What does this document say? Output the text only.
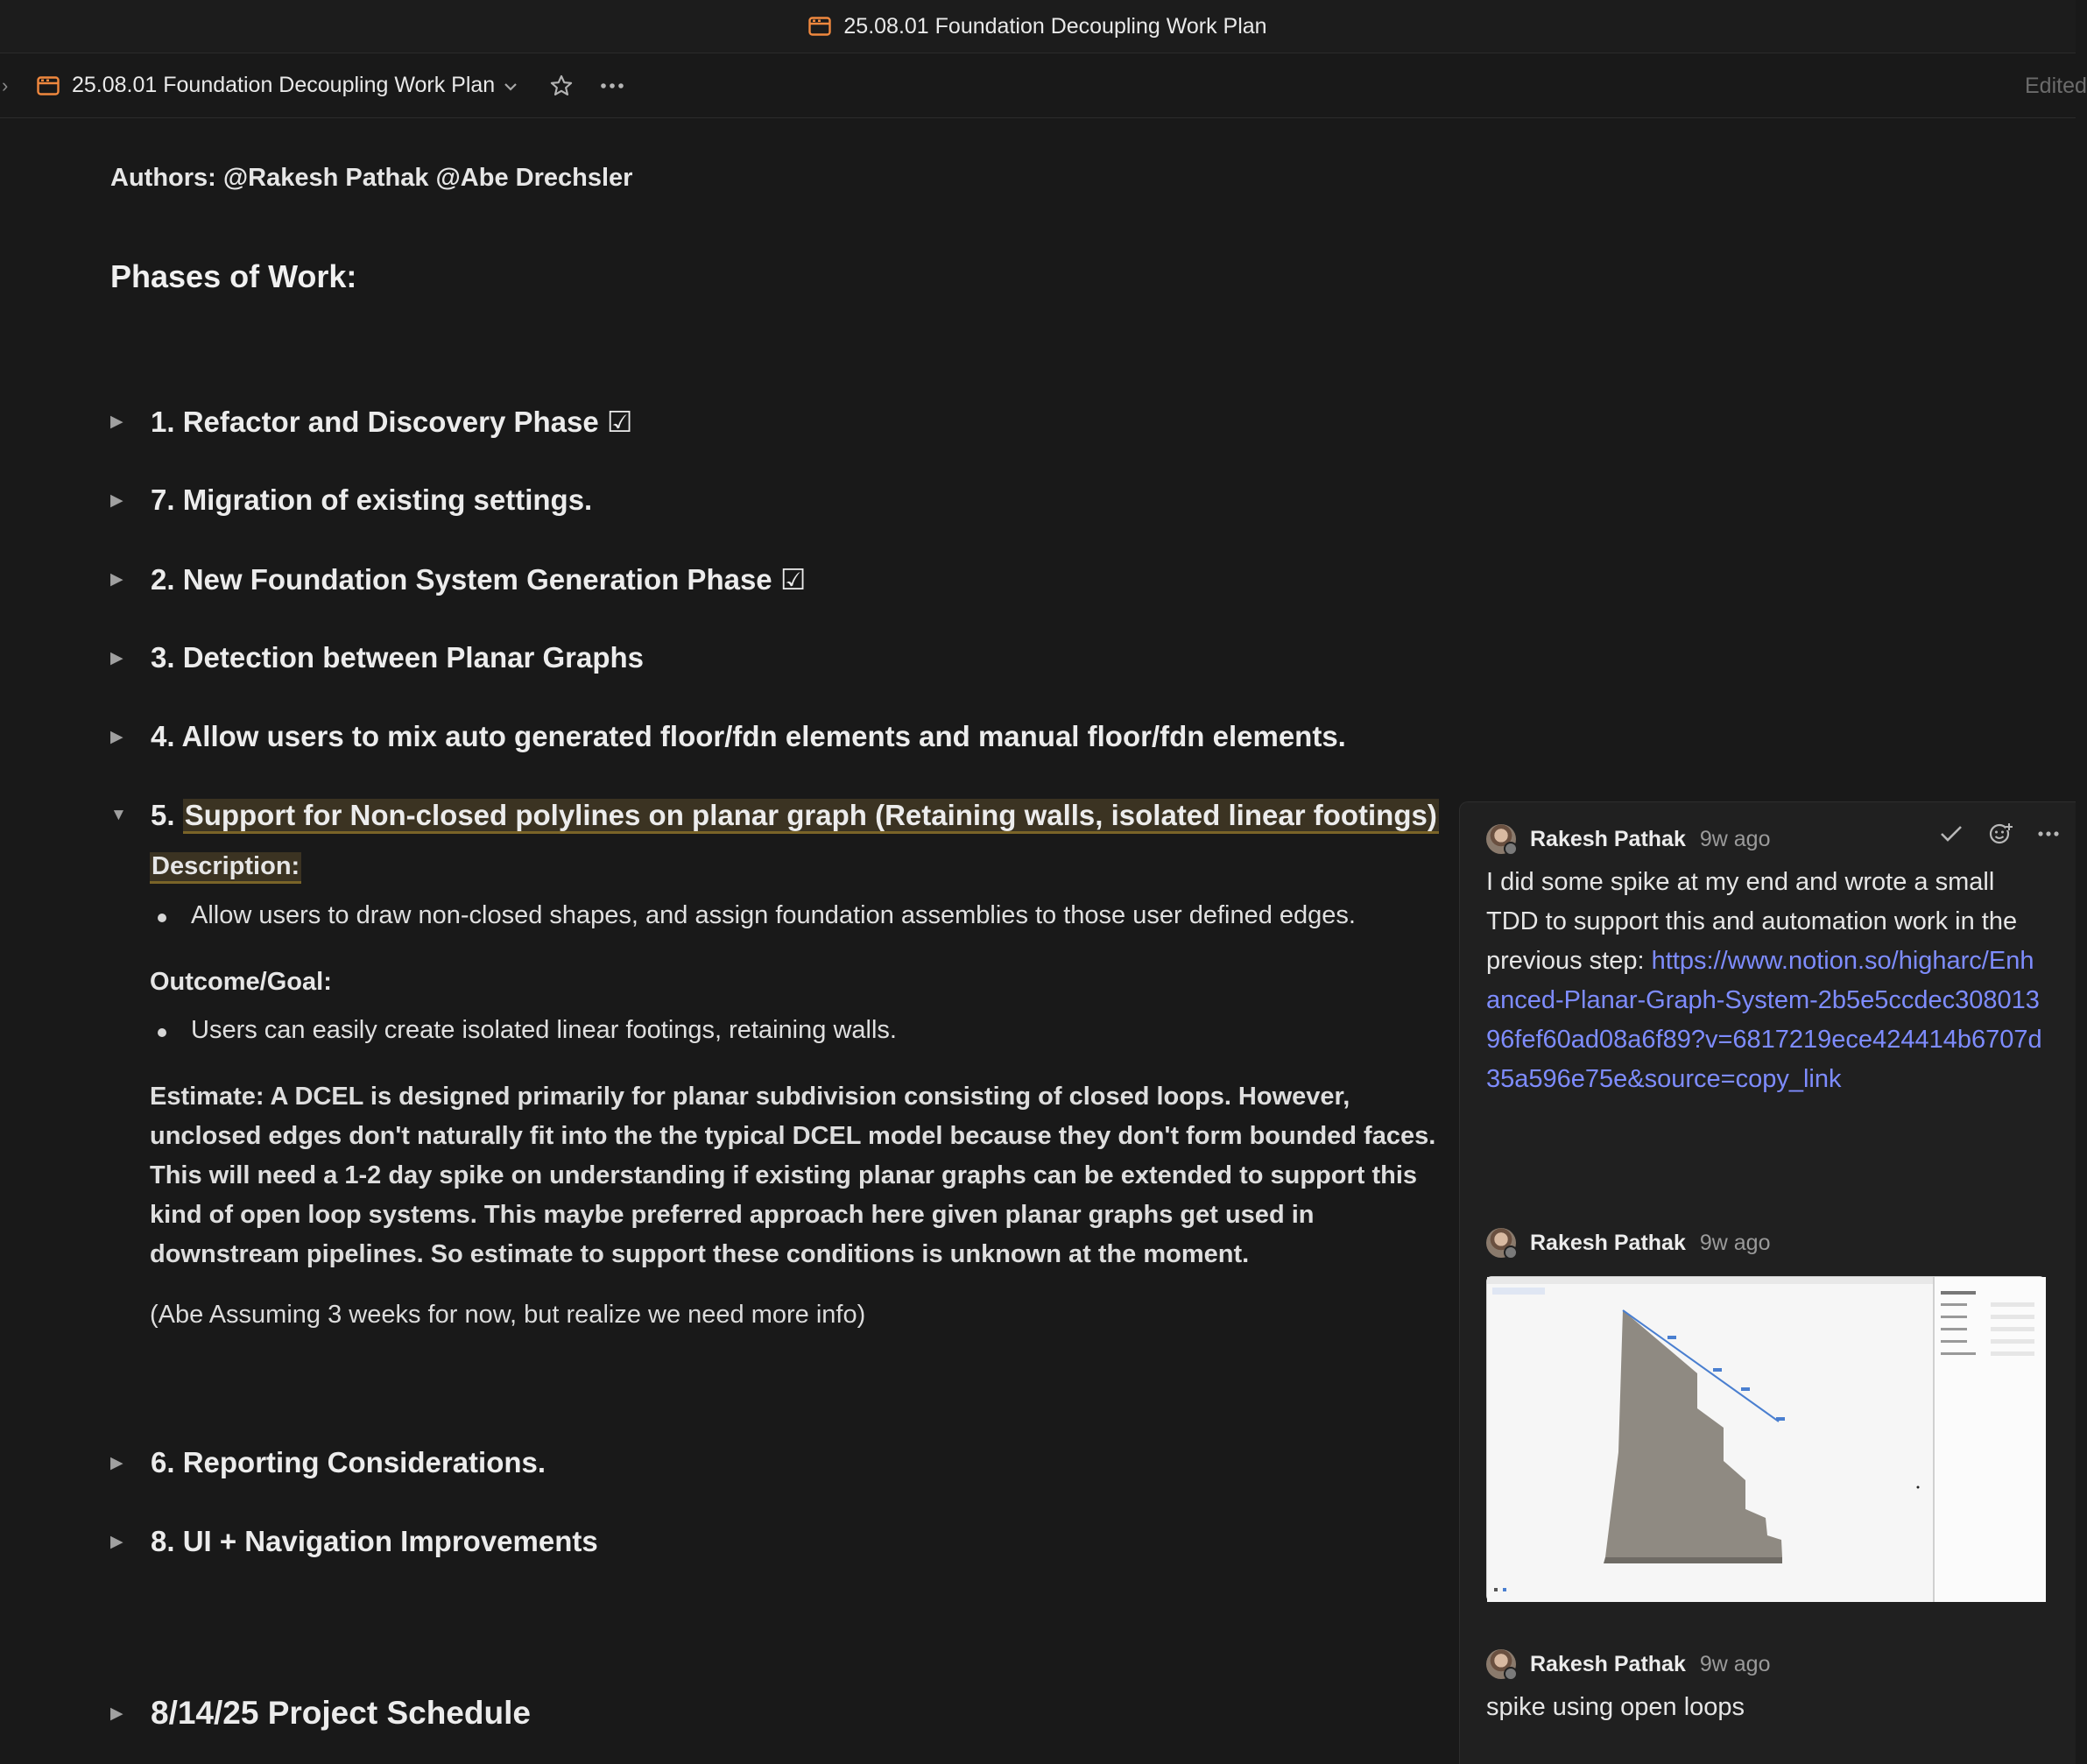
25.08.01 Foundation Decoupling Work Plan
›	25.08.01 Foundation Decoupling Work Plan	Edited
Authors: @Rakesh Pathak @Abe Drechsler
Phases of Work:
▶ 1. Refactor and Discovery Phase ☑
▶ 7. Migration of existing settings.
▶ 2. New Foundation System Generation Phase ☑
▶ 3. Detection between Planar Graphs
▶ 4. Allow users to mix auto generated floor/fdn elements and manual floor/fdn elements.
▼ 5. Support for Non-closed polylines on planar graph (Retaining walls, isolated linear footings)
Description:
Allow users to draw non-closed shapes, and assign foundation assemblies to those user defined edges.
Outcome/Goal:
Users can easily create isolated linear footings, retaining walls.
Estimate: A DCEL is designed primarily for planar subdivision consisting of closed loops. However, unclosed edges don't naturally fit into the the typical DCEL model because they don't form bounded faces. This will need a 1-2 day spike on understanding if existing planar graphs can be extended to support this kind of open loop systems. This maybe preferred approach here given planar graphs get used in downstream pipelines. So estimate to support these conditions is unknown at the moment.
(Abe Assuming 3 weeks for now, but realize we need more info)
▶ 6. Reporting Considerations.
▶ 8. UI + Navigation Improvements
▶ 8/14/25 Project Schedule
Rakesh Pathak 9w ago
I did some spike at my end and wrote a small TDD to support this and automation work in the previous step: https://www.notion.so/higharc/Enhanced-Planar-Graph-System-2b5e5ccdec30801396fef60ad08a6f89?v=6817219ece424414b6707d35a596e75e&source=copy_link
Rakesh Pathak 9w ago
Rakesh Pathak 9w ago
spike using open loops
